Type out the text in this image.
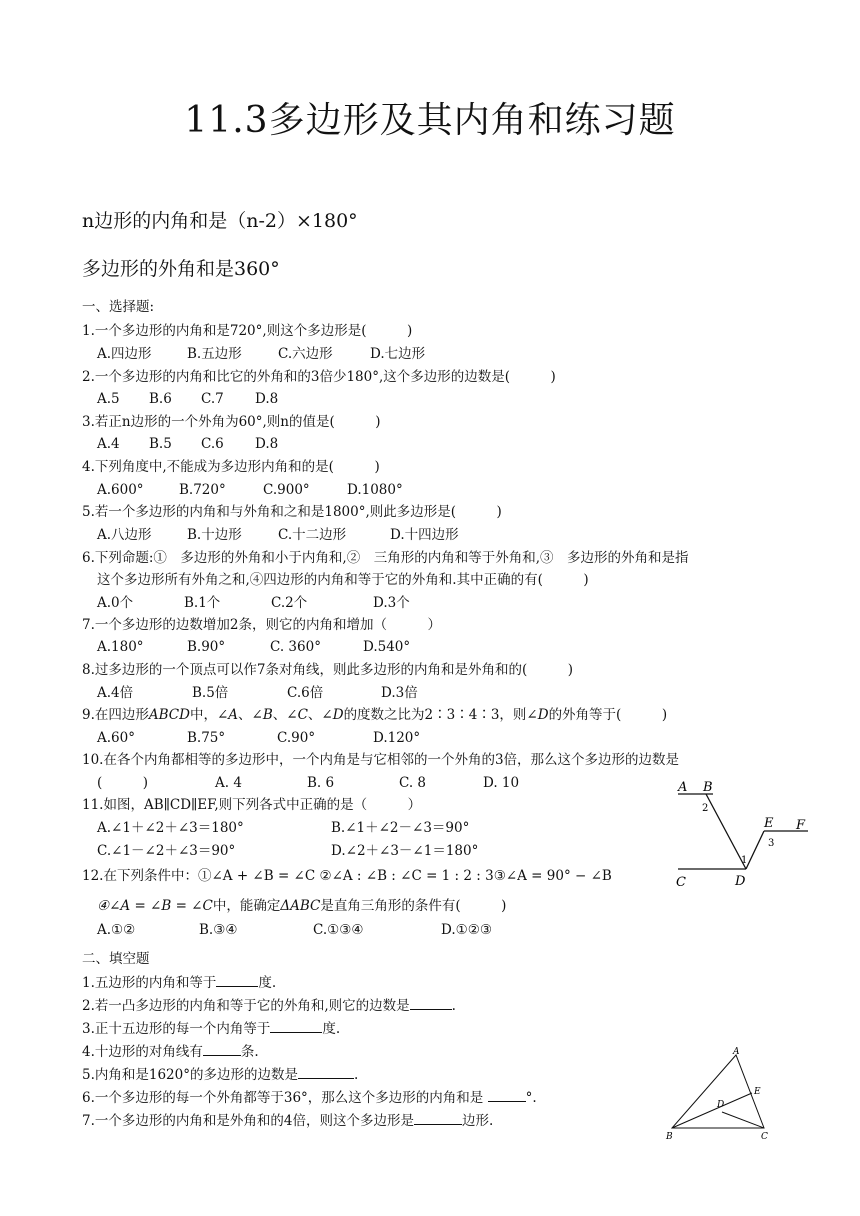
11.3多边形及其内角和练习题
n边形的内角和是（n-2）×180°
多边形的外角和是360°
一、选择题:
1.一个多边形的内角和是720°,则这个多边形是(　　　)
A.四边形	B.五边形	C.六边形	D.七边形
2.一个多边形的内角和比它的外角和的3倍少180°,这个多边形的边数是(　　　)
A.5 B.6 C.7 D.8
3.若正n边形的一个外角为60°,则n的值是(　　　)
A.4 B.5 C.6 D.8
4.下列角度中,不能成为多边形内角和的是(　　　)
A.600°	B.720°	C.900°	D.1080°
5.若一个多边形的内角和与外角和之和是1800°,则此多边形是(　　　)
A.八边形	B.十边形	C.十二边形	D.十四边形
6.下列命题:①　多边形的外角和小于内角和,②　三角形的内角和等于外角和,③　多边形的外角和是指
这个多边形所有外角之和,④四边形的内角和等于它的外角和.其中正确的有(　　　)
A.0个	B.1个	C.2个	D.3个
7.一个多边形的边数增加2条，则它的内角和增加（　　　）
A.180°	B.90°	C. 360°	D.540°
8.过多边形的一个顶点可以作7条对角线，则此多边形的内角和是外角和的(　　　)
A.4倍	B.5倍	C.6倍	D.3倍
9.在四边形ABCD中，∠A、∠B、∠C、∠D的度数之比为2∶3∶4∶3，则∠D的外角等于(　　　)
A.60°	B.75°	C.90°	D.120°
10.在各个内角都相等的多边形中，一个内角是与它相邻的一个外角的3倍，那么这个多边形的边数是
(　　　)	A. 4	B. 6	C. 8	D. 10
11.如图，AB∥CD∥EF,则下列各式中正确的是（　　　）
A.∠1＋∠2＋∠3＝180°	B.∠1＋∠2－∠3＝90°
C.∠1－∠2＋∠3＝90°	D.∠2＋∠3－∠1＝180°
12.在下列条件中：①∠A + ∠B = ∠C ②∠A : ∠B : ∠C = 1 : 2 : 3③∠A = 90° − ∠B
④∠A = ∠B = ∠C中，能确定ΔABC是直角三角形的条件有(　　　)
A.①②	B.③④	C.①③④	D.①②③
二、填空题
1.五边形的内角和等于	度.
2.若一凸多边形的内角和等于它的外角和,则它的边数是	.
3.正十五边形的每一个内角等于	度.
4.十边形的对角线有	条.
5.内角和是1620°的多边形的边数是	.
6.一个多边形的每一个外角都等于36°，那么这个多边形的内角和是	°.
7.一个多边形的内角和是外角和的4倍，则这个多边形是	边形.
A B
2
E F
3
1
C	D
A
E
D
B	C
